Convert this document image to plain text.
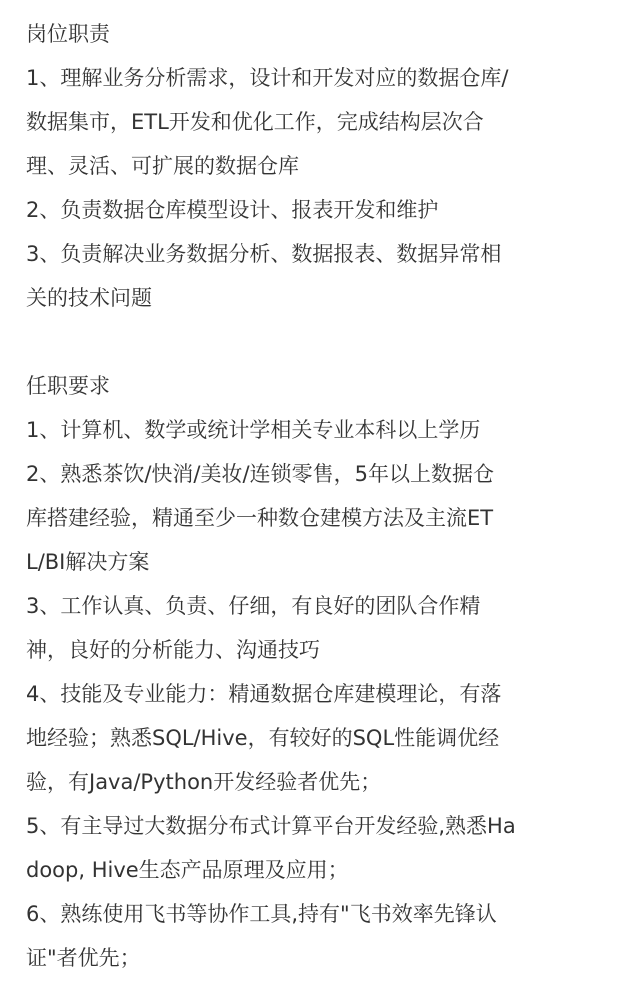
岗位职责

1、理解业务分析需求，设计和开发对应的数据仓库/

数据集市，ETL开发和优化工作，完成结构层次合

理、灵活、可扩展的数据仓库

2、负责数据仓库模型设计、报表开发和维护

3、负责解决业务数据分析、数据报表、数据异常相

关的技术问题

任职要求

1、计算机、数学或统计学相关专业本科以上学历

2、熟悉茶饮/快消/美妆/连锁零售，5年以上数据仓

库搭建经验，精通至少一种数仓建模方法及主流ET

L/BI解决方案

3、工作认真、负责、仔细，有良好的团队合作精

神，良好的分析能力、沟通技巧

4、技能及专业能力：精通数据仓库建模理论，有落

地经验；熟悉SQL/Hive，有较好的SQL性能调优经

验，有Java/Python开发经验者优先；

5、有主导过大数据分布式计算平台开发经验,熟悉Ha

doop, Hive生态产品原理及应用；

6、熟练使用飞书等协作工具,持有"飞书效率先锋认

证"者优先；
